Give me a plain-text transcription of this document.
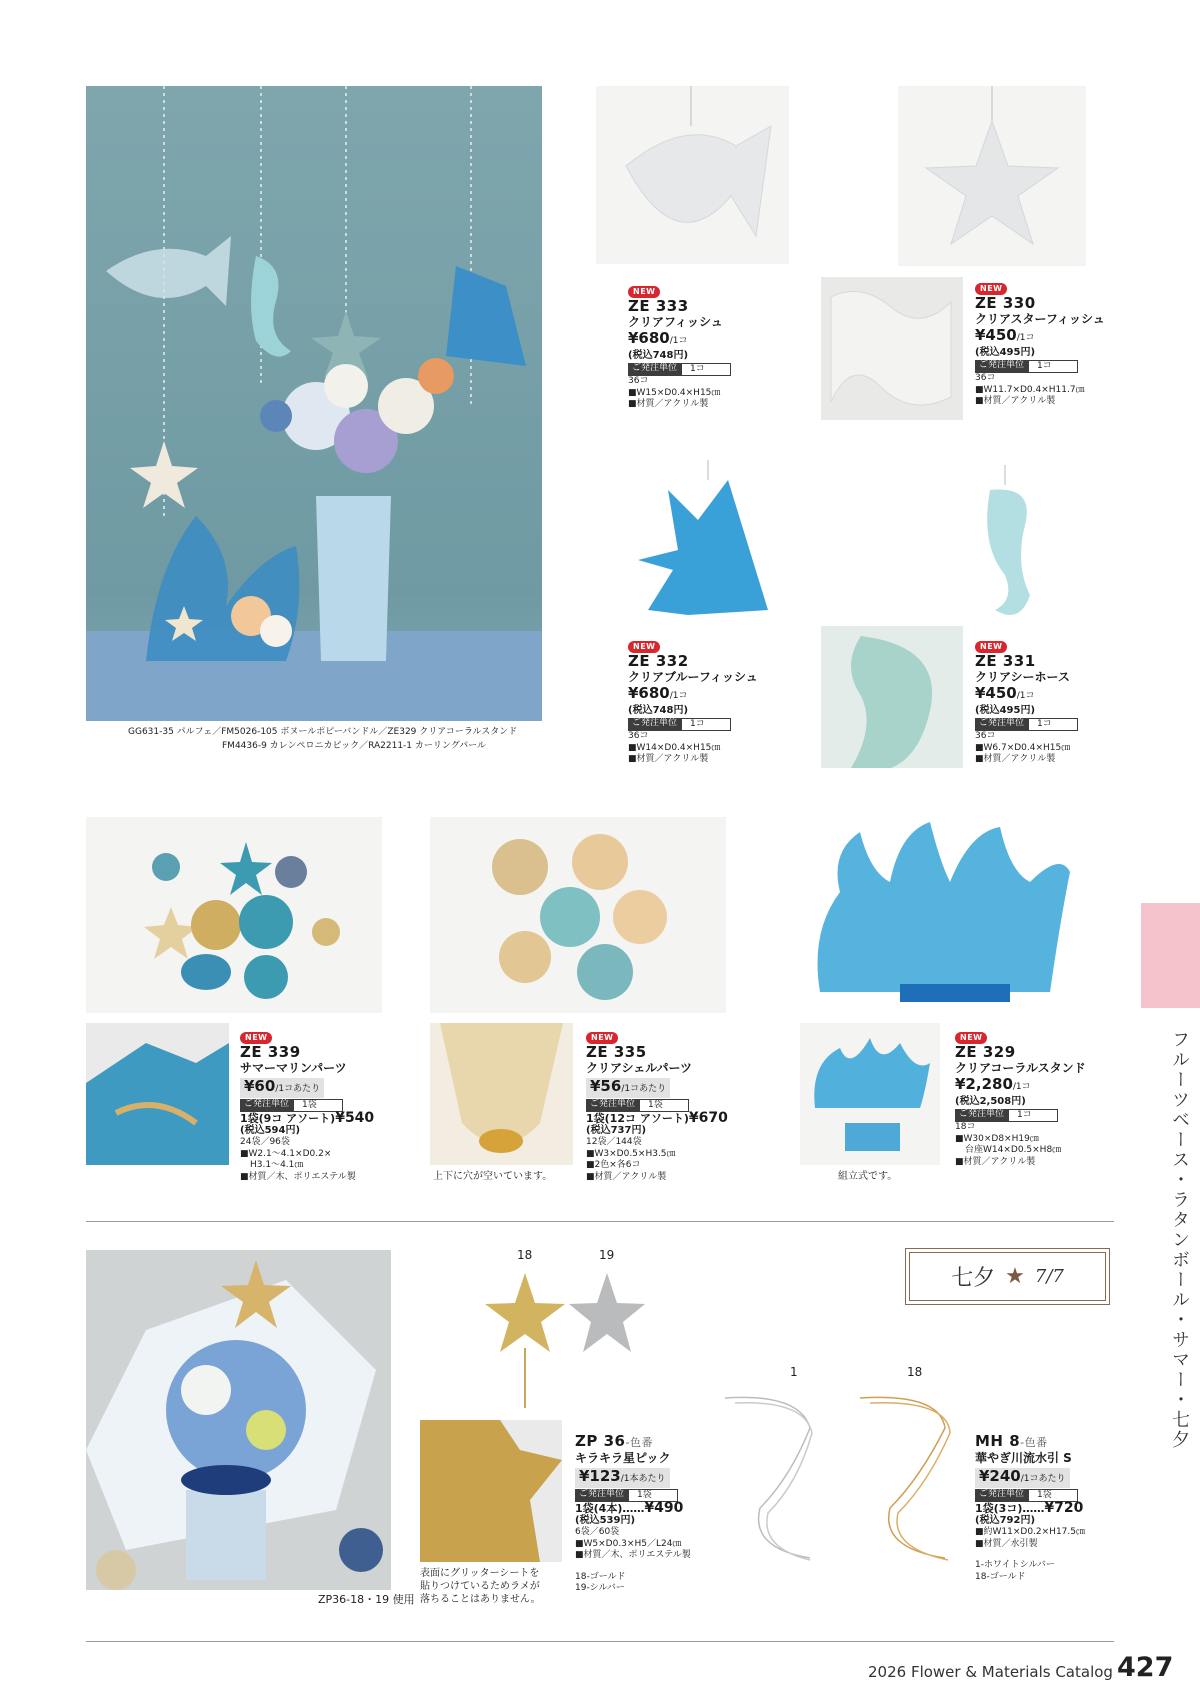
GG631-35 パルフェ／FM5026-105 ボヌールポピーバンドル／ZE329 クリアコーラルスタンド
FM4436-9 カレンペロニカピック／RA2211-1 カーリングパール
NEW
ZE 333
クリアフィッシュ
¥680/1コ
(税込748円)
ご発注単位	1コ
36コ
■W15×D0.4×H15㎝
■材質／アクリル製
NEW
ZE 330
クリアスターフィッシュ
¥450/1コ
(税込495円)
ご発注単位	1コ
36コ
■W11.7×D0.4×H11.7㎝
■材質／アクリル製
NEW
ZE 332
クリアブルーフィッシュ
¥680/1コ
(税込748円)
ご発注単位	1コ
36コ
■W14×D0.4×H15㎝
■材質／アクリル製
NEW
ZE 331
クリアシーホース
¥450/1コ
(税込495円)
ご発注単位	1コ
36コ
■W6.7×D0.4×H15㎝
■材質／アクリル製
NEW
ZE 339
サマーマリンパーツ
¥60/1コあたり
ご発注単位	1袋
1袋(9コ アソート)¥540
(税込594円)
24袋／96袋
■W2.1〜4.1×D0.2×
H3.1〜4.1㎝
■材質／木、ポリエステル製	上下に穴が空いています。
NEW
ZE 335
クリアシェルパーツ
¥56/1コあたり
ご発注単位	1袋
1袋(12コ アソート)¥670
(税込737円)
12袋／144袋
■W3×D0.5×H3.5㎝
■2色×各6コ
■材質／アクリル製	組立式です。
NEW
ZE 329
クリアコーラルスタンド
¥2,280/1コ
(税込2,508円)
ご発注単位	1コ
18コ
■W30×D8×H19㎝
台座W14×D0.5×H8㎝
■材質／アクリル製
ZP36-18・19 使用
18	19
表面にグリッターシートを
貼りつけているためラメが
落ちることはありません。
ZP 36-色番
キラキラ星ピック
¥123/1本あたり
ご発注単位	1袋
1袋(4本)……¥490
(税込539円)
6袋／60袋
■W5×D0.3×H5／L24㎝
■材質／木、ポリエステル製
18-ゴールド
19-シルバー
七夕 ★ 7/7
1	18
MH 8-色番
華やぎ川流水引 S
¥240/1コあたり
ご発注単位	1袋
1袋(3コ)……¥720
(税込792円)
■約W11×D0.2×H17.5㎝
■材質／水引製
1-ホワイトシルバー
18-ゴールド
フルーツベース・ラタンボール・サマー・七夕
2026 Flower & Materials Catalog 427
